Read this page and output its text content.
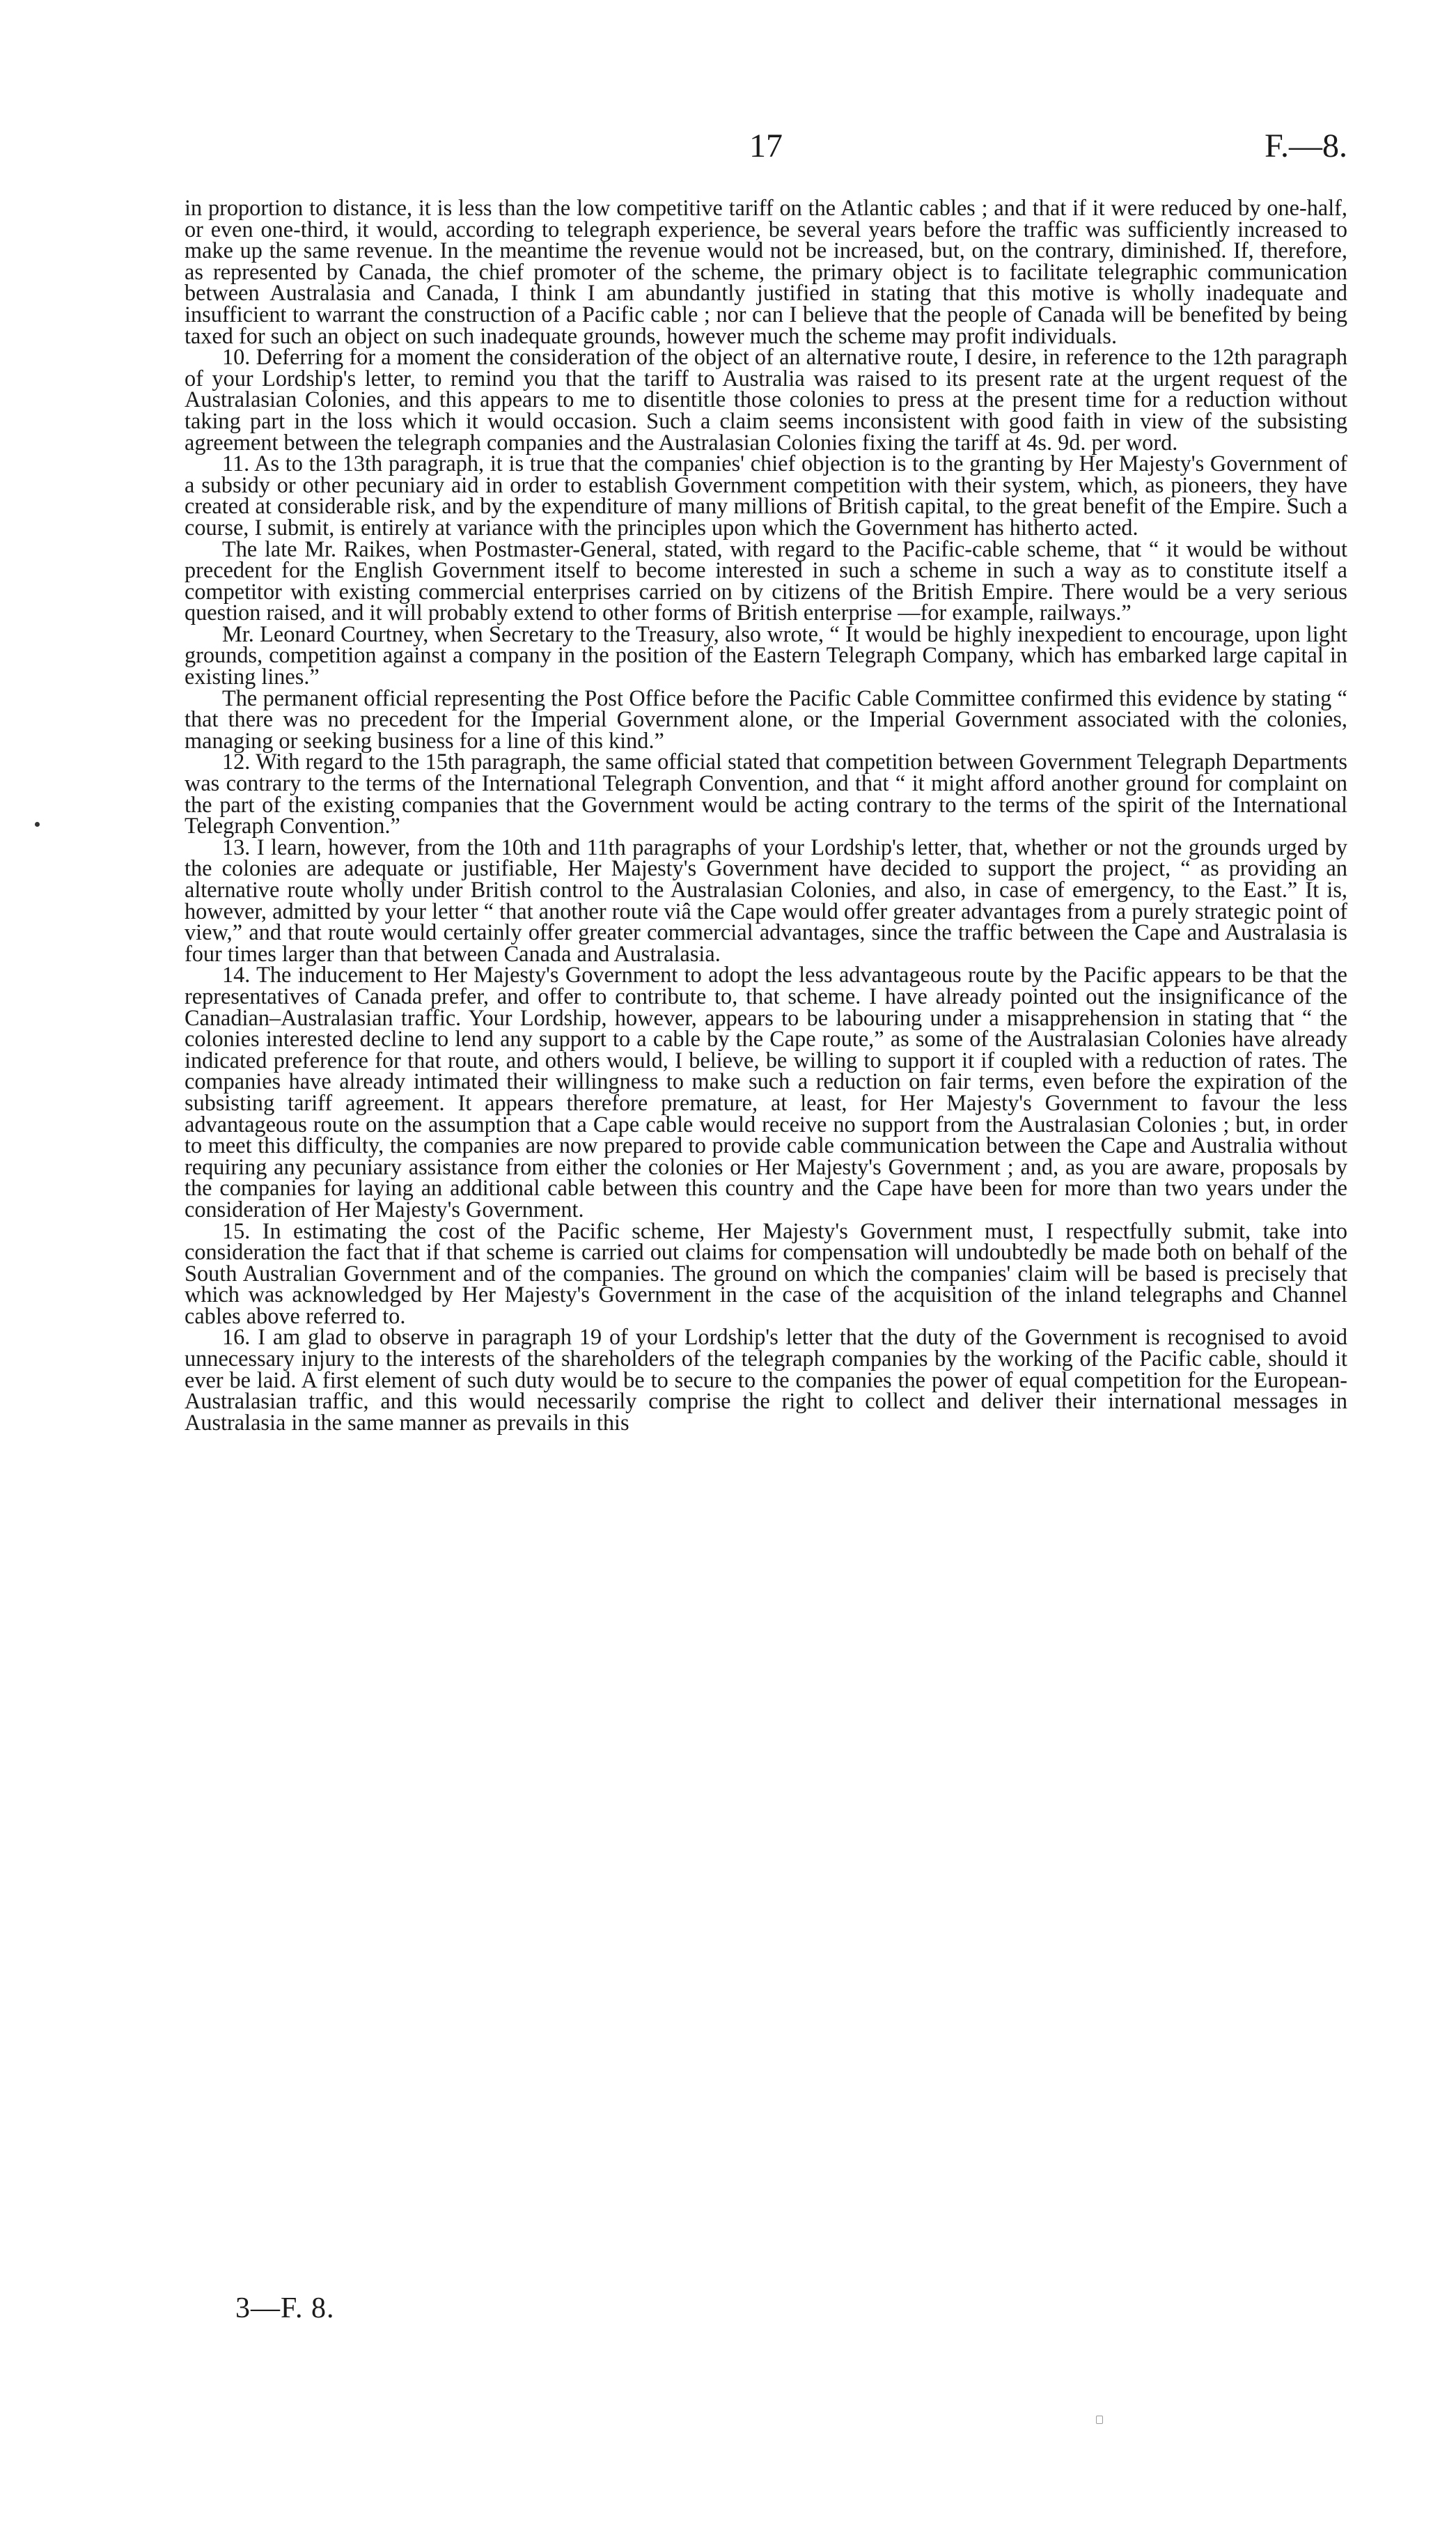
17	F.—8.

in proportion to distance, it is less than the low competitive tariff on the Atlantic cables ; and that if it were reduced by one-half, or even one-third, it would, according to telegraph experience, be several years before the traffic was sufficiently increased to make up the same revenue. In the meantime the revenue would not be increased, but, on the contrary, diminished. If, therefore, as represented by Canada, the chief promoter of the scheme, the primary object is to facilitate telegraphic communication between Australasia and Canada, I think I am abundantly justified in stating that this motive is wholly inadequate and insufficient to warrant the construction of a Pacific cable ; nor can I believe that the people of Canada will be benefited by being taxed for such an object on such inadequate grounds, however much the scheme may profit individuals.

10. Deferring for a moment the consideration of the object of an alternative route, I desire, in reference to the 12th paragraph of your Lordship's letter, to remind you that the tariff to Australia was raised to its present rate at the urgent request of the Australasian Colonies, and this appears to me to disentitle those colonies to press at the present time for a reduction without taking part in the loss which it would occasion. Such a claim seems inconsistent with good faith in view of the subsisting agreement between the telegraph companies and the Australasian Colonies fixing the tariff at 4s. 9d. per word.

11. As to the 13th paragraph, it is true that the companies' chief objection is to the granting by Her Majesty's Government of a subsidy or other pecuniary aid in order to establish Government competition with their system, which, as pioneers, they have created at considerable risk, and by the expenditure of many millions of British capital, to the great benefit of the Empire. Such a course, I submit, is entirely at variance with the principles upon which the Government has hitherto acted.

The late Mr. Raikes, when Postmaster-General, stated, with regard to the Pacific-cable scheme, that “ it would be without precedent for the English Government itself to become interested in such a scheme in such a way as to constitute itself a competitor with existing commercial enterprises carried on by citizens of the British Empire. There would be a very serious question raised, and it will probably extend to other forms of British enterprise —for example, railways.”

Mr. Leonard Courtney, when Secretary to the Treasury, also wrote, “ It would be highly inexpedient to encourage, upon light grounds, competition against a company in the position of the Eastern Telegraph Company, which has embarked large capital in existing lines.”

The permanent official representing the Post Office before the Pacific Cable Committee confirmed this evidence by stating “ that there was no precedent for the Imperial Government alone, or the Imperial Government associated with the colonies, managing or seeking business for a line of this kind.”

12. With regard to the 15th paragraph, the same official stated that competition between Government Telegraph Departments was contrary to the terms of the International Telegraph Convention, and that “ it might afford another ground for complaint on the part of the existing companies that the Government would be acting contrary to the terms of the spirit of the International Telegraph Convention.”

13. I learn, however, from the 10th and 11th paragraphs of your Lordship's letter, that, whether or not the grounds urged by the colonies are adequate or justifiable, Her Majesty's Government have decided to support the project, “ as providing an alternative route wholly under British control to the Australasian Colonies, and also, in case of emergency, to the East.” It is, however, admitted by your letter “ that another route viâ the Cape would offer greater advantages from a purely strategic point of view,” and that route would certainly offer greater commercial advantages, since the traffic between the Cape and Australasia is four times larger than that between Canada and Australasia.

14. The inducement to Her Majesty's Government to adopt the less advantageous route by the Pacific appears to be that the representatives of Canada prefer, and offer to contribute to, that scheme. I have already pointed out the insignificance of the Canadian–Australasian traffic. Your Lordship, however, appears to be labouring under a misapprehension in stating that “ the colonies interested decline to lend any support to a cable by the Cape route,” as some of the Australasian Colonies have already indicated preference for that route, and others would, I believe, be willing to support it if coupled with a reduction of rates. The companies have already intimated their willingness to make such a reduction on fair terms, even before the expiration of the subsisting tariff agreement. It appears therefore premature, at least, for Her Majesty's Government to favour the less advantageous route on the assumption that a Cape cable would receive no support from the Australasian Colonies ; but, in order to meet this difficulty, the companies are now prepared to provide cable communication between the Cape and Australia without requiring any pecuniary assistance from either the colonies or Her Majesty's Government ; and, as you are aware, proposals by the companies for laying an additional cable between this country and the Cape have been for more than two years under the consideration of Her Majesty's Government.

15. In estimating the cost of the Pacific scheme, Her Majesty's Government must, I respectfully submit, take into consideration the fact that if that scheme is carried out claims for compensation will undoubtedly be made both on behalf of the South Australian Government and of the companies. The ground on which the companies' claim will be based is precisely that which was acknowledged by Her Majesty's Government in the case of the acquisition of the inland telegraphs and Channel cables above referred to.

16. I am glad to observe in paragraph 19 of your Lordship's letter that the duty of the Government is recognised to avoid unnecessary injury to the interests of the shareholders of the telegraph companies by the working of the Pacific cable, should it ever be laid. A first element of such duty would be to secure to the companies the power of equal competition for the European-Australasian traffic, and this would necessarily comprise the right to collect and deliver their international messages in Australasia in the same manner as prevails in this

3—F. 8.
